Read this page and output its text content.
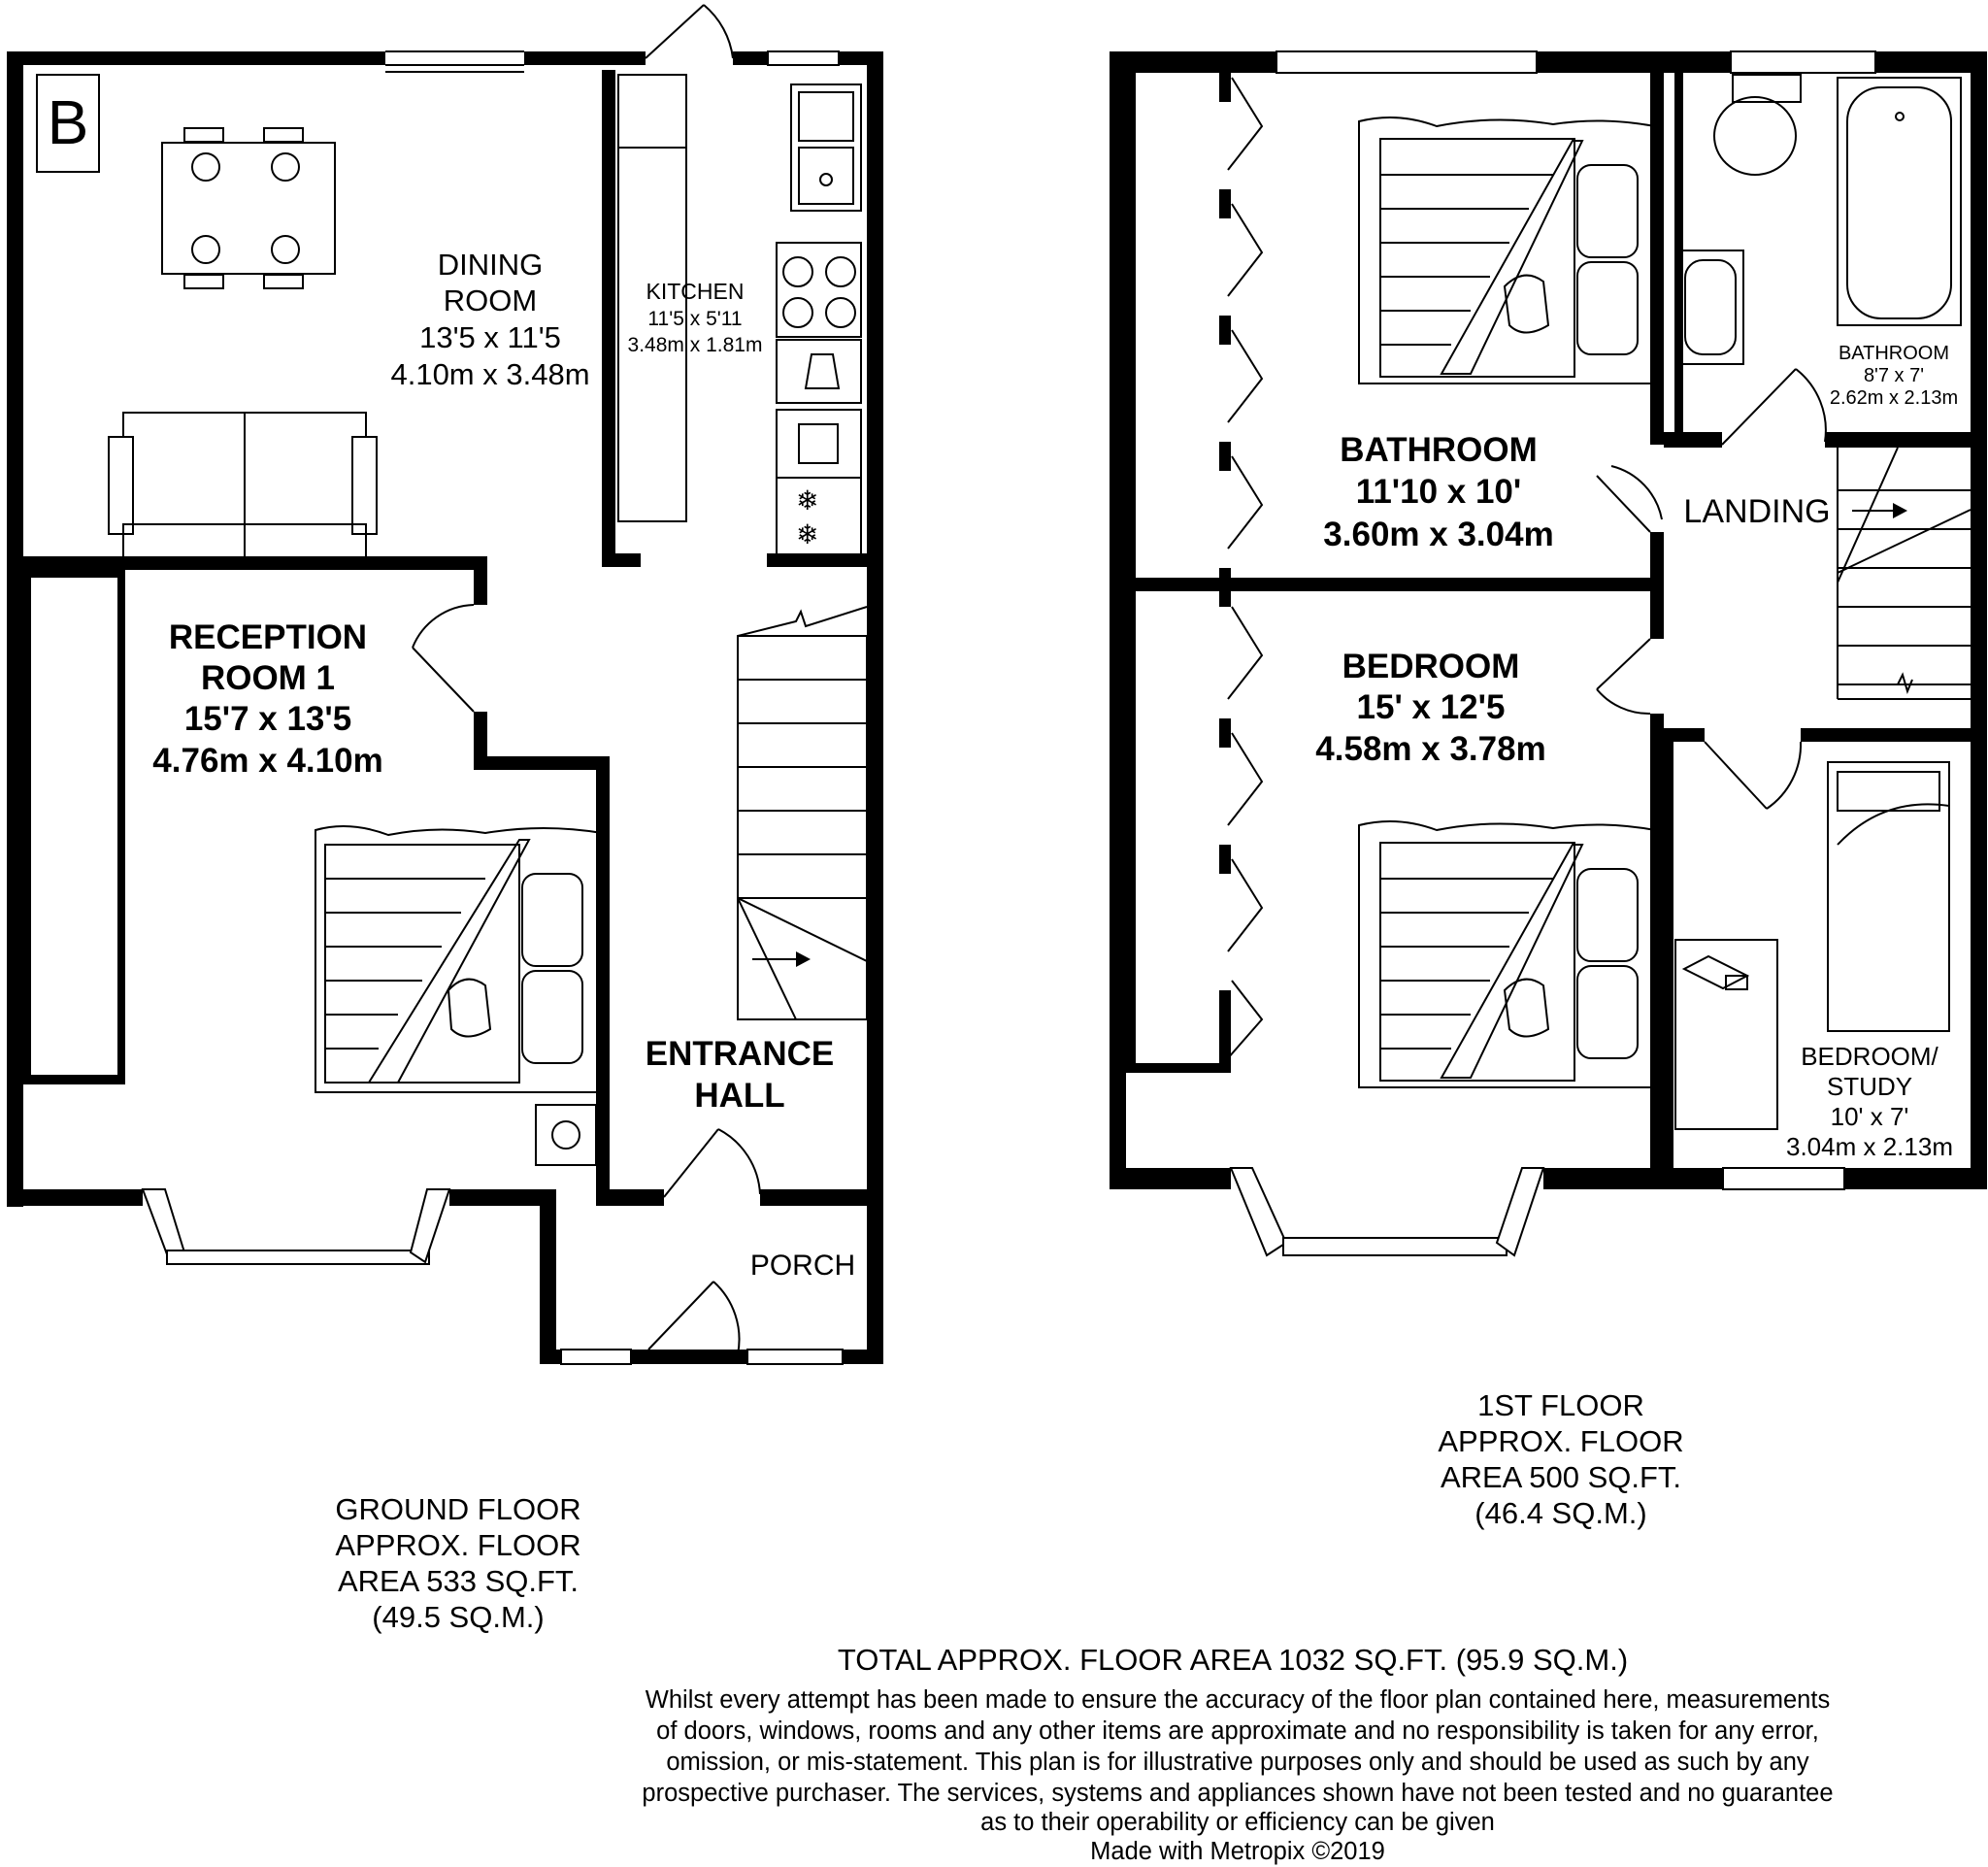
❄
❄
B
DINING
ROOM
13'5 x 11'5
4.10m x 3.48m
KITCHEN
11'5 x 5'11
3.48m x 1.81m
RECEPTION
ROOM 1
15'7 x 13'5
4.76m x 4.10m
ENTRANCE
HALL
PORCH
BATHROOM
11'10 x 10'
3.60m x 3.04m
BATHROOM
8'7 x 7'
2.62m x 2.13m
LANDING
BEDROOM
15' x 12'5
4.58m x 3.78m
BEDROOM/
STUDY
10' x 7'
3.04m x 2.13m
GROUND FLOOR
APPROX. FLOOR
AREA 533 SQ.FT.
(49.5 SQ.M.)
1ST FLOOR
APPROX. FLOOR
AREA 500 SQ.FT.
(46.4 SQ.M.)
TOTAL APPROX. FLOOR AREA 1032 SQ.FT. (95.9 SQ.M.)
Whilst every attempt has been made to ensure the accuracy of the floor plan contained here, measurements
of doors, windows, rooms and any other items are approximate and no responsibility is taken for any error,
omission, or mis-statement. This plan is for illustrative purposes only and should be used as such by any
prospective purchaser. The services, systems and appliances shown have not been tested and no guarantee
as to their operability or efficiency can be given
Made with Metropix ©2019
